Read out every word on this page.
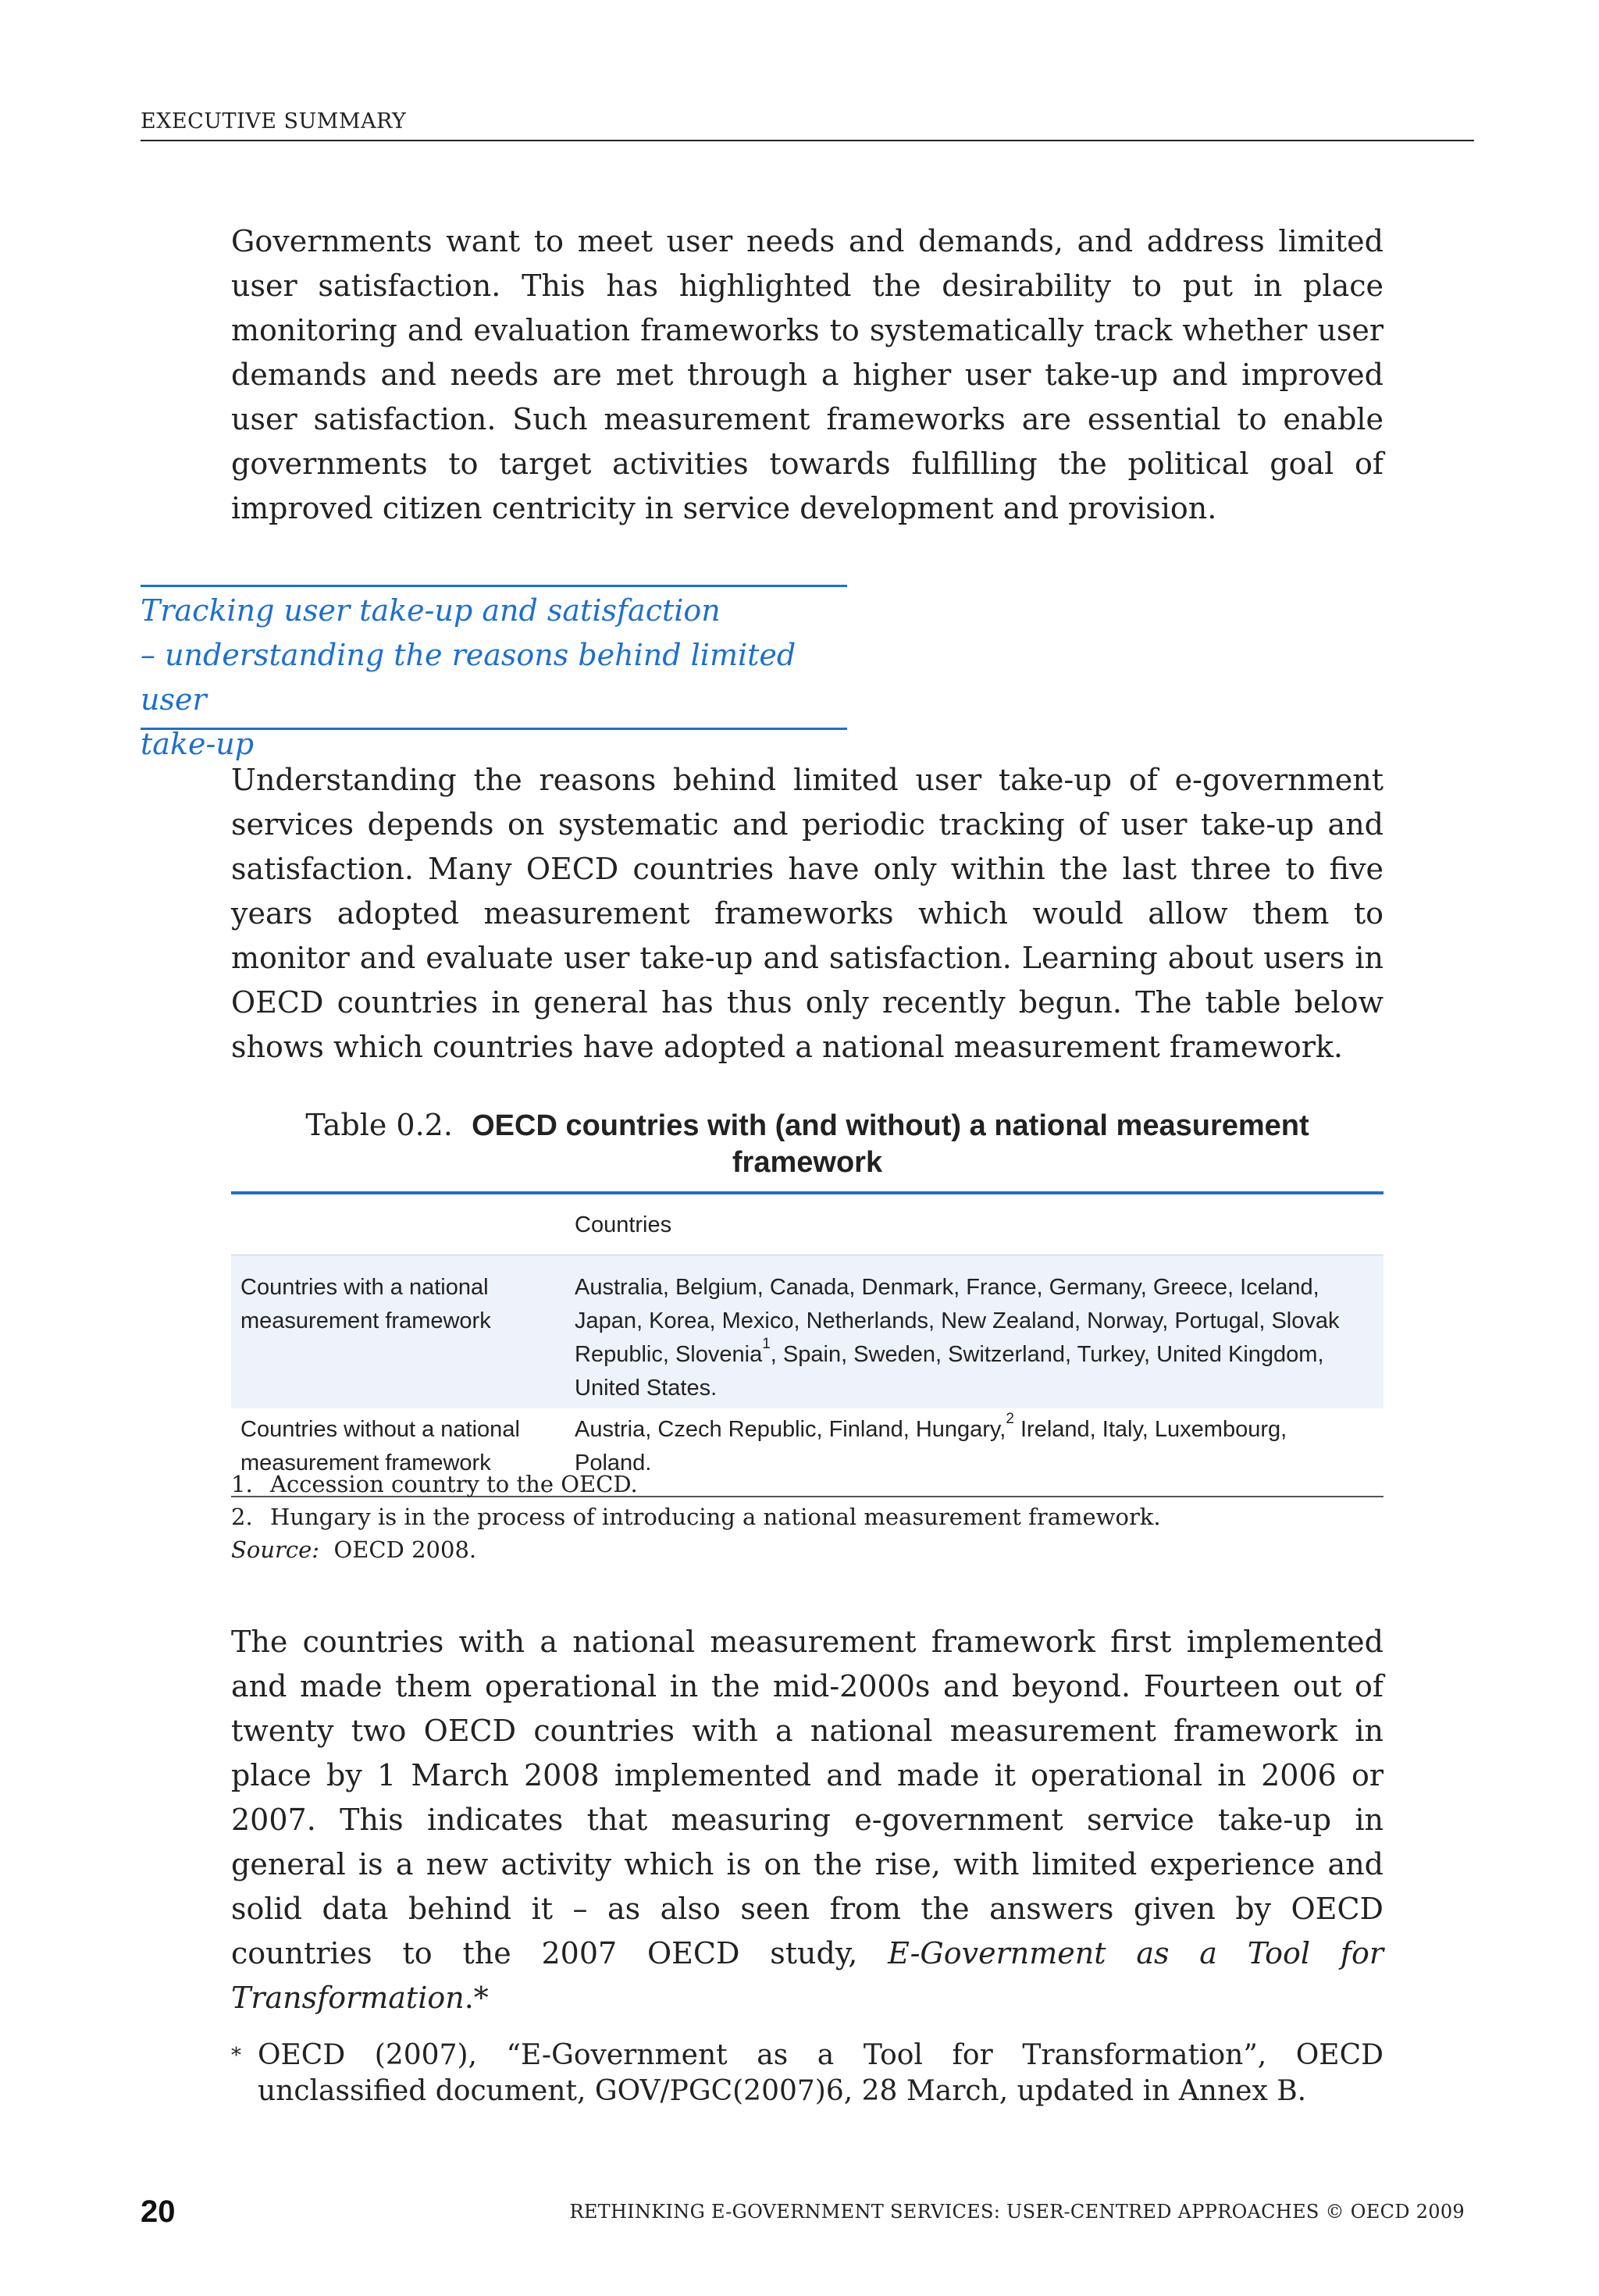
EXECUTIVE SUMMARY
Governments want to meet user needs and demands, and address limited user satisfaction. This has highlighted the desirability to put in place monitoring and evaluation frameworks to systematically track whether user demands and needs are met through a higher user take-up and improved user satisfaction. Such measurement frameworks are essential to enable governments to target activities towards fulfilling the political goal of improved citizen centricity in service development and provision.
Tracking user take-up and satisfaction
– understanding the reasons behind limited user
take-up
Understanding the reasons behind limited user take-up of e-government services depends on systematic and periodic tracking of user take-up and satisfaction. Many OECD countries have only within the last three to five years adopted measurement frameworks which would allow them to monitor and evaluate user take-up and satisfaction. Learning about users in OECD countries in general has thus only recently begun. The table below shows which countries have adopted a national measurement framework.
Table 0.2. OECD countries with (and without) a national measurement framework
	Countries
Countries with a national measurement framework	Australia, Belgium, Canada, Denmark, France, Germany, Greece, Iceland, Japan, Korea, Mexico, Netherlands, New Zealand, Norway, Portugal, Slovak Republic, Slovenia$^1$, Spain, Sweden, Switzerland, Turkey, United Kingdom, United States.
Countries without a national measurement framework	Austria, Czech Republic, Finland, Hungary,$^2$ Ireland, Italy, Luxembourg, Poland.
1. Accession country to the OECD.
2. Hungary is in the process of introducing a national measurement framework.
Source: OECD 2008.
The countries with a national measurement framework first implemented and made them operational in the mid-2000s and beyond. Fourteen out of twenty two OECD countries with a national measurement framework in place by 1 March 2008 implemented and made it operational in 2006 or 2007. This indicates that measuring e-government service take-up in general is a new activity which is on the rise, with limited experience and solid data behind it – as also seen from the answers given by OECD countries to the 2007 OECD study, E-Government as a Tool for Transformation.*
* OECD (2007), “E-Government as a Tool for Transformation”, OECD unclassified document, GOV/PGC(2007)6, 28 March, updated in Annex B.
20	RETHINKING E-GOVERNMENT SERVICES: USER-CENTRED APPROACHES © OECD 2009
